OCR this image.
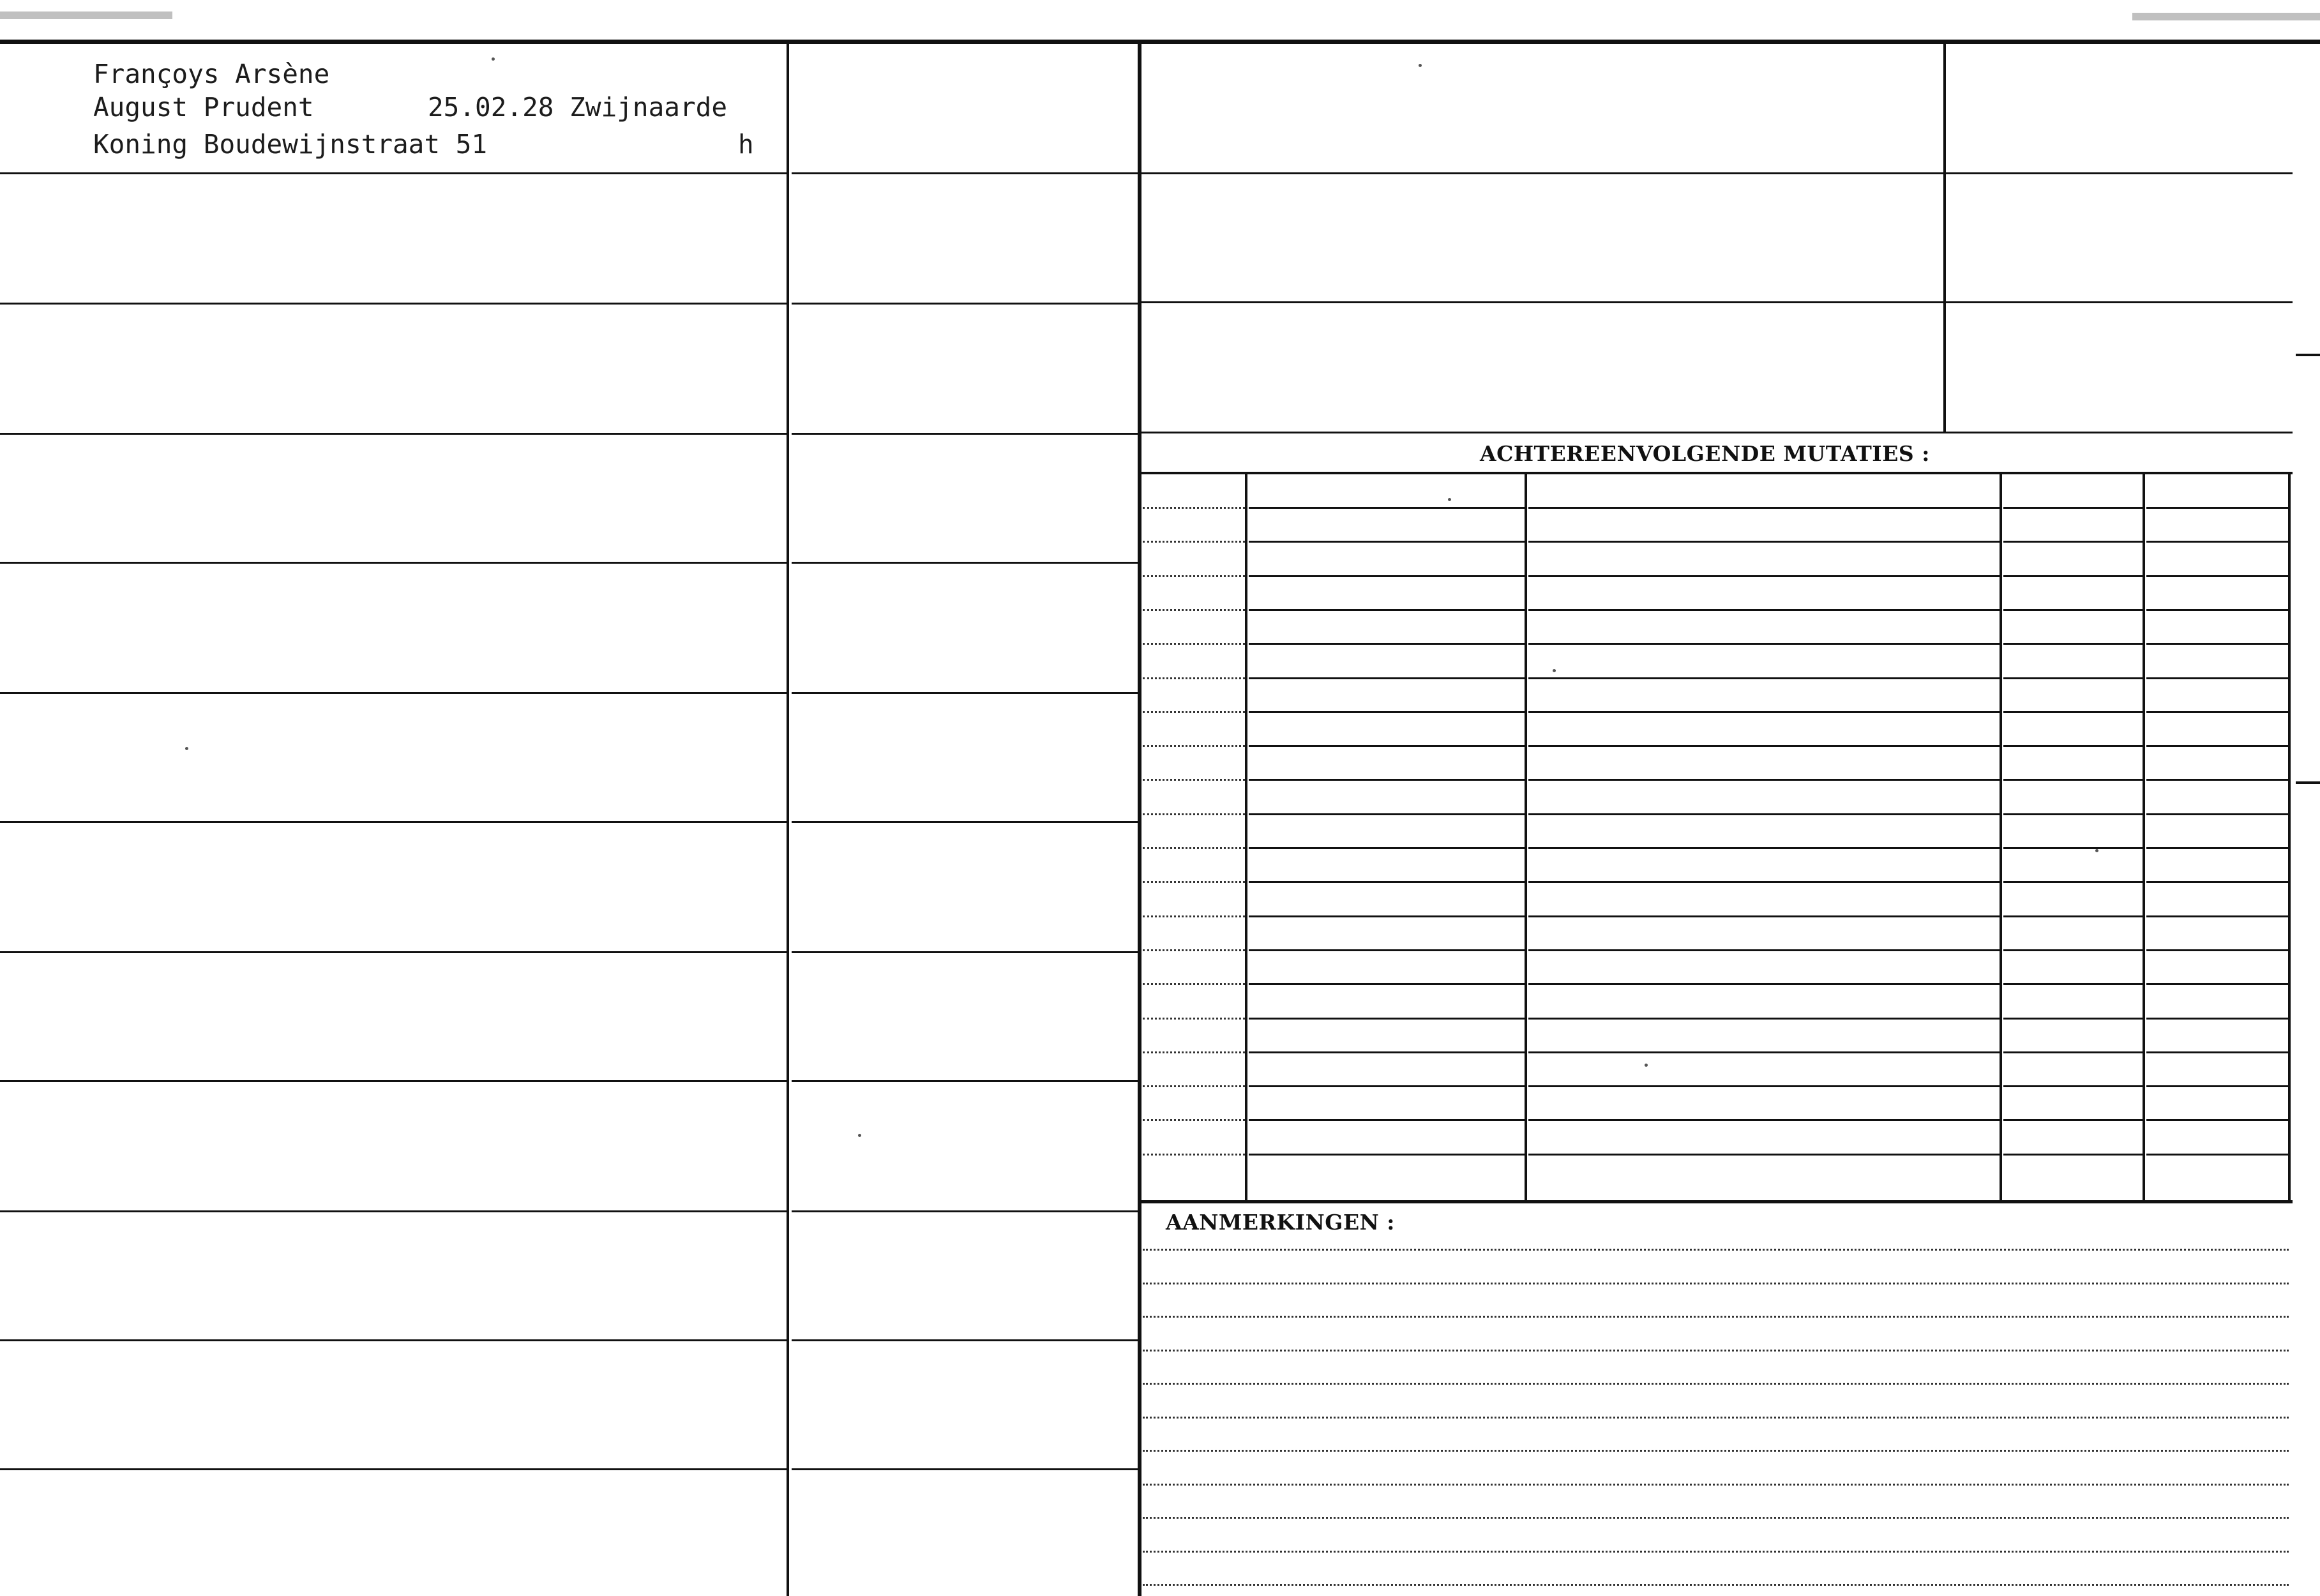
ACHTEREENVOLGENDE MUTATIES :
AANMERKINGEN :
Françoys Arsène
August Prudent	25.02.28 Zwijnaarde
Koning Boudewijnstraat 51	h
